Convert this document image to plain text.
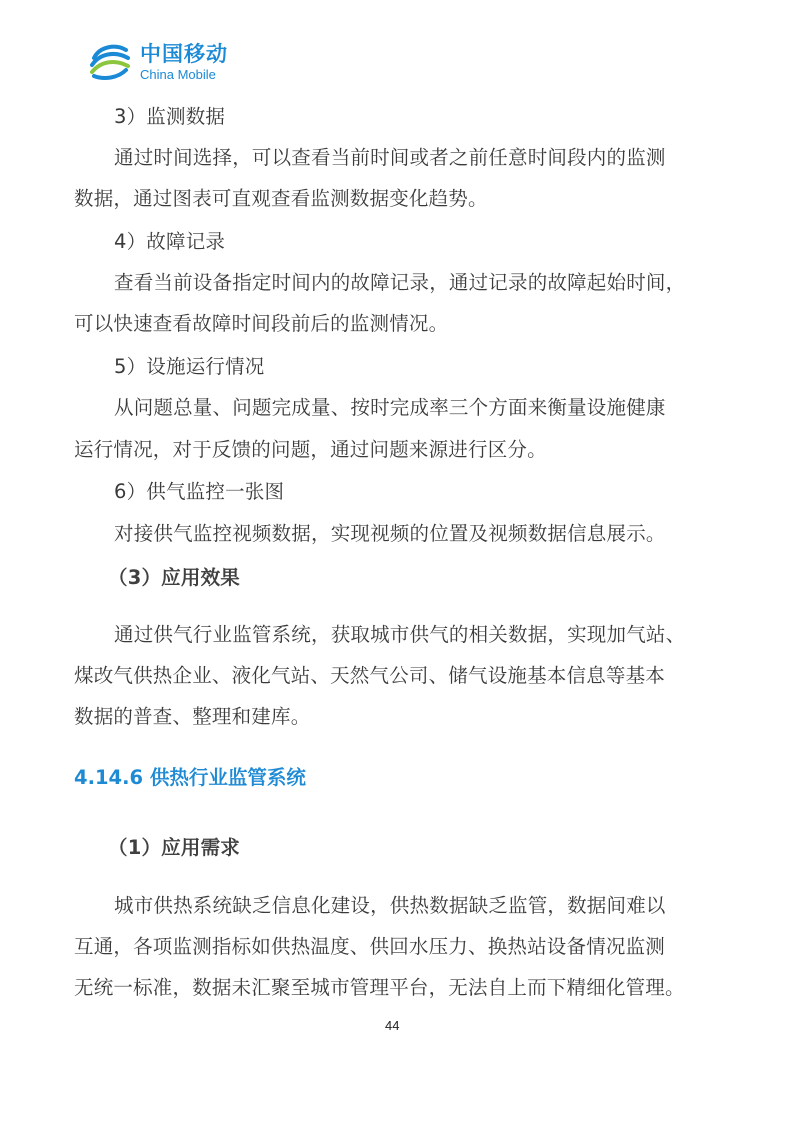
中国移动
China Mobile
3）监测数据
通过时间选择，可以查看当前时间或者之前任意时间段内的监测
数据，通过图表可直观查看监测数据变化趋势。
4）故障记录
查看当前设备指定时间内的故障记录，通过记录的故障起始时间，
可以快速查看故障时间段前后的监测情况。
5）设施运行情况
从问题总量、问题完成量、按时完成率三个方面来衡量设施健康
运行情况，对于反馈的问题，通过问题来源进行区分。
6）供气监控一张图
对接供气监控视频数据，实现视频的位置及视频数据信息展示。
（3）应用效果
通过供气行业监管系统，获取城市供气的相关数据，实现加气站、
煤改气供热企业、液化气站、天然气公司、储气设施基本信息等基本
数据的普查、整理和建库。
4.14.6 供热行业监管系统
（1）应用需求
城市供热系统缺乏信息化建设，供热数据缺乏监管，数据间难以
互通，各项监测指标如供热温度、供回水压力、换热站设备情况监测
无统一标准，数据未汇聚至城市管理平台，无法自上而下精细化管理。
44
